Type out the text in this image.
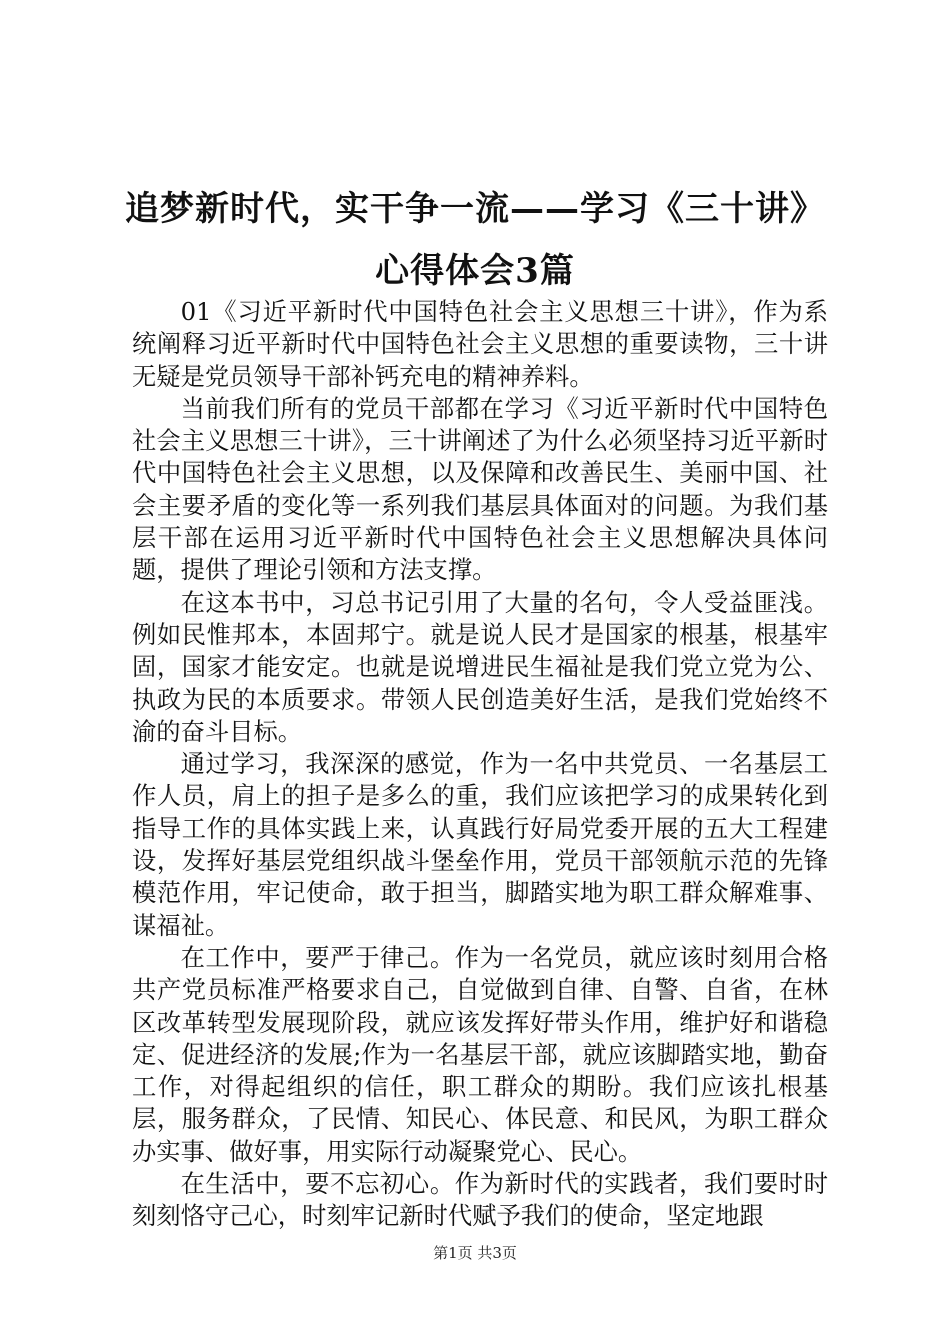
追梦新时代，实干争一流——学习《三十讲》
心得体会3篇

01《习近平新时代中国特色社会主义思想三十讲》，作为系统阐释习近平新时代中国特色社会主义思想的重要读物，三十讲无疑是党员领导干部补钙充电的精神养料。

当前我们所有的党员干部都在学习《习近平新时代中国特色社会主义思想三十讲》，三十讲阐述了为什么必须坚持习近平新时代中国特色社会主义思想，以及保障和改善民生、美丽中国、社会主要矛盾的变化等一系列我们基层具体面对的问题。为我们基层干部在运用习近平新时代中国特色社会主义思想解决具体问题，提供了理论引领和方法支撑。

在这本书中，习总书记引用了大量的名句，令人受益匪浅。例如民惟邦本，本固邦宁。就是说人民才是国家的根基，根基牢固，国家才能安定。也就是说增进民生福祉是我们党立党为公、执政为民的本质要求。带领人民创造美好生活，是我们党始终不渝的奋斗目标。

通过学习，我深深的感觉，作为一名中共党员、一名基层工作人员，肩上的担子是多么的重，我们应该把学习的成果转化到指导工作的具体实践上来，认真践行好局党委开展的五大工程建设，发挥好基层党组织战斗堡垒作用，党员干部领航示范的先锋模范作用，牢记使命，敢于担当，脚踏实地为职工群众解难事、谋福祉。

在工作中，要严于律己。作为一名党员，就应该时刻用合格共产党员标准严格要求自己，自觉做到自律、自警、自省，在林区改革转型发展现阶段，就应该发挥好带头作用，维护好和谐稳定、促进经济的发展;作为一名基层干部，就应该脚踏实地，勤奋工作，对得起组织的信任，职工群众的期盼。我们应该扎根基层，服务群众，了民情、知民心、体民意、和民风，为职工群众办实事、做好事，用实际行动凝聚党心、民心。

在生活中，要不忘初心。作为新时代的实践者，我们要时时刻刻恪守己心，时刻牢记新时代赋予我们的使命，坚定地跟

第1页 共3页
